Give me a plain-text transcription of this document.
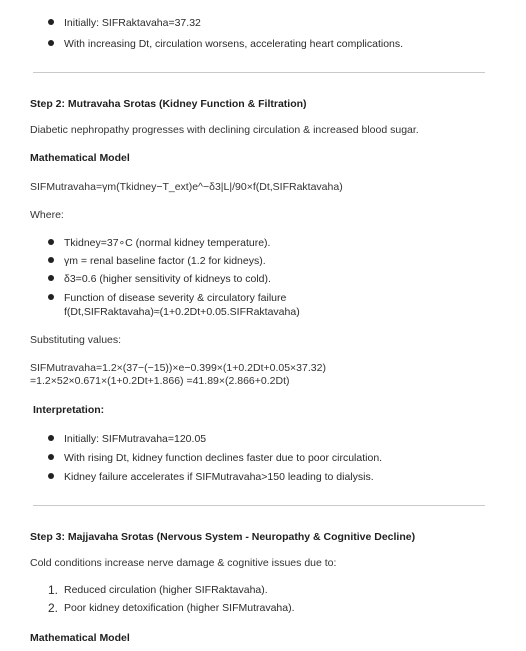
Initially: SIFRaktavaha=37.32
With increasing Dt, circulation worsens, accelerating heart complications.
Step 2: Mutravaha Srotas (Kidney Function & Filtration)
Diabetic nephropathy progresses with declining circulation & increased blood sugar.
Mathematical Model
SIFMutravaha=γm(Tkidney−T_ext)e^−δ3|L|/90×f(Dt,SIFRaktavaha)
Where:
Tkidney=37∘C (normal kidney temperature).
γm = renal baseline factor (1.2 for kidneys).
δ3=0.6 (higher sensitivity of kidneys to cold).
Function of disease severity & circulatory failure
f(Dt,SIFRaktavaha)≈(1+0.2Dt+0.05.SIFRaktavaha)
Substituting values:
SIFMutravaha=1.2×(37−(−15))×e−0.399×(1+0.2Dt+0.05×37.32)
=1.2×52×0.671×(1+0.2Dt+1.866) =41.89×(2.866+0.2Dt)
Interpretation:
Initially: SIFMutravaha=120.05
With rising Dt, kidney function declines faster due to poor circulation.
Kidney failure accelerates if SIFMutravaha>150 leading to dialysis.
Step 3: Majjavaha Srotas (Nervous System - Neuropathy & Cognitive Decline)
Cold conditions increase nerve damage & cognitive issues due to:
1. Reduced circulation (higher SIFRaktavaha).
2. Poor kidney detoxification (higher SIFMutravaha).
Mathematical Model
